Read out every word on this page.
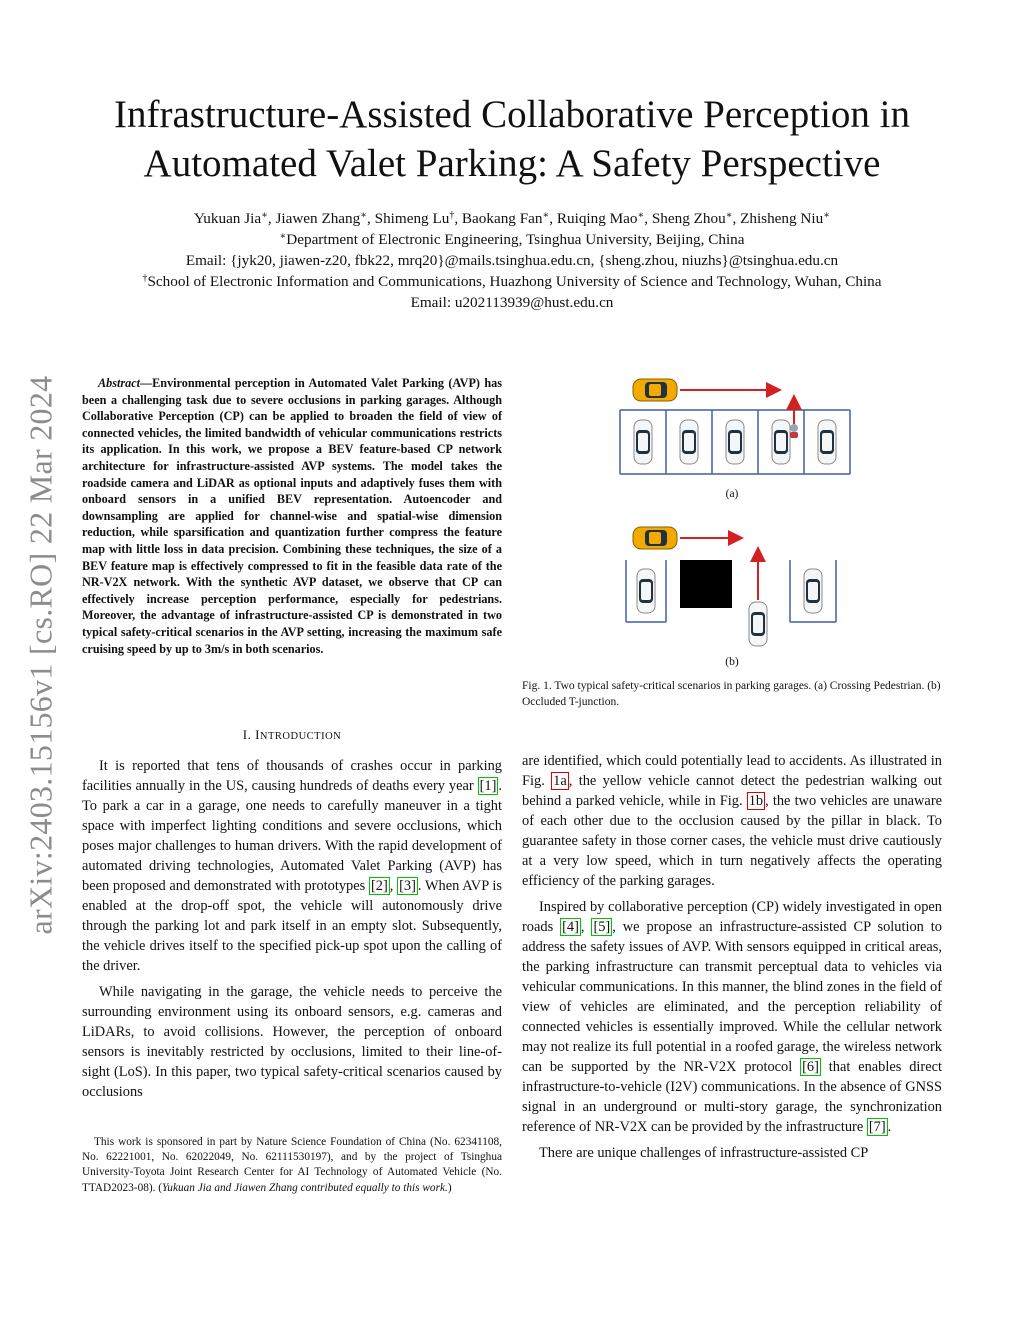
arXiv:2403.15156v1 [cs.RO] 22 Mar 2024
Infrastructure-Assisted Collaborative Perception in
Automated Valet Parking: A Safety Perspective
Yukuan Jia∗, Jiawen Zhang∗, Shimeng Lu†, Baokang Fan∗, Ruiqing Mao∗, Sheng Zhou∗, Zhisheng Niu∗
∗Department of Electronic Engineering, Tsinghua University, Beijing, China
Email: {jyk20, jiawen-z20, fbk22, mrq20}@mails.tsinghua.edu.cn, {sheng.zhou, niuzhs}@tsinghua.edu.cn
†School of Electronic Information and Communications, Huazhong University of Science and Technology, Wuhan, China
Email: u202113939@hust.edu.cn

Abstract—Environmental perception in Automated Valet Parking (AVP) has been a challenging task due to severe occlusions in parking garages. Although Collaborative Perception (CP) can be applied to broaden the field of view of connected vehicles, the limited bandwidth of vehicular communications restricts its application. In this work, we propose a BEV feature-based CP network architecture for infrastructure-assisted AVP systems. The model takes the roadside camera and LiDAR as optional inputs and adaptively fuses them with onboard sensors in a unified BEV representation. Autoencoder and downsampling are applied for channel-wise and spatial-wise dimension reduction, while sparsification and quantization further compress the feature map with little loss in data precision. Combining these techniques, the size of a BEV feature map is effectively compressed to fit in the feasible data rate of the NR-V2X network. With the synthetic AVP dataset, we observe that CP can effectively increase perception performance, especially for pedestrians. Moreover, the advantage of infrastructure-assisted CP is demonstrated in two typical safety-critical scenarios in the AVP setting, increasing the maximum safe cruising speed by up to 3m/s in both scenarios.

I. INTRODUCTION

It is reported that tens of thousands of crashes occur in parking facilities annually in the US, causing hundreds of deaths every year [1] . To park a car in a garage, one needs to carefully maneuver in a tight space with imperfect lighting conditions and severe occlusions, which poses major challenges to human drivers. With the rapid development of automated driving technologies, Automated Valet Parking (AVP) has been proposed and demonstrated with prototypes [2] , [3] . When AVP is enabled at the drop-off spot, the vehicle will autonomously drive through the parking lot and park itself in an empty slot. Subsequently, the vehicle drives itself to the specified pick-up spot upon the calling of the driver.

While navigating in the garage, the vehicle needs to perceive the surrounding environment using its onboard sensors, e.g. cameras and LiDARs, to avoid collisions. However, the perception of onboard sensors is inevitably restricted by occlusions, limited to their line-of-sight (LoS). In this paper, two typical safety-critical scenarios caused by occlusions

This work is sponsored in part by Nature Science Foundation of China (No. 62341108, No. 62221001, No. 62022049, No. 62111530197), and by the project of Tsinghua University-Toyota Joint Research Center for AI Technology of Automated Vehicle (No. TTAD2023-08). (Yukuan Jia and Jiawen Zhang contributed equally to this work.)

(a)
(b)
Fig. 1. Two typical safety-critical scenarios in parking garages. (a) Crossing Pedestrian. (b) Occluded T-junction.

are identified, which could potentially lead to accidents. As illustrated in Fig. 1a , the yellow vehicle cannot detect the pedestrian walking out behind a parked vehicle, while in Fig. 1b , the two vehicles are unaware of each other due to the occlusion caused by the pillar in black. To guarantee safety in those corner cases, the vehicle must drive cautiously at a very low speed, which in turn negatively affects the operating efficiency of the parking garages.

Inspired by collaborative perception (CP) widely investigated in open roads [4] , [5] , we propose an infrastructure-assisted CP solution to address the safety issues of AVP. With sensors equipped in critical areas, the parking infrastructure can transmit perceptual data to vehicles via vehicular communications. In this manner, the blind zones in the field of view of vehicles are eliminated, and the perception reliability of connected vehicles is essentially improved. While the cellular network may not realize its full potential in a roofed garage, the wireless network can be supported by the NR-V2X protocol [6] that enables direct infrastructure-to-vehicle (I2V) communications. In the absence of GNSS signal in an underground or multi-story garage, the synchronization reference of NR-V2X can be provided by the infrastructure [7] .

There are unique challenges of infrastructure-assisted CP
